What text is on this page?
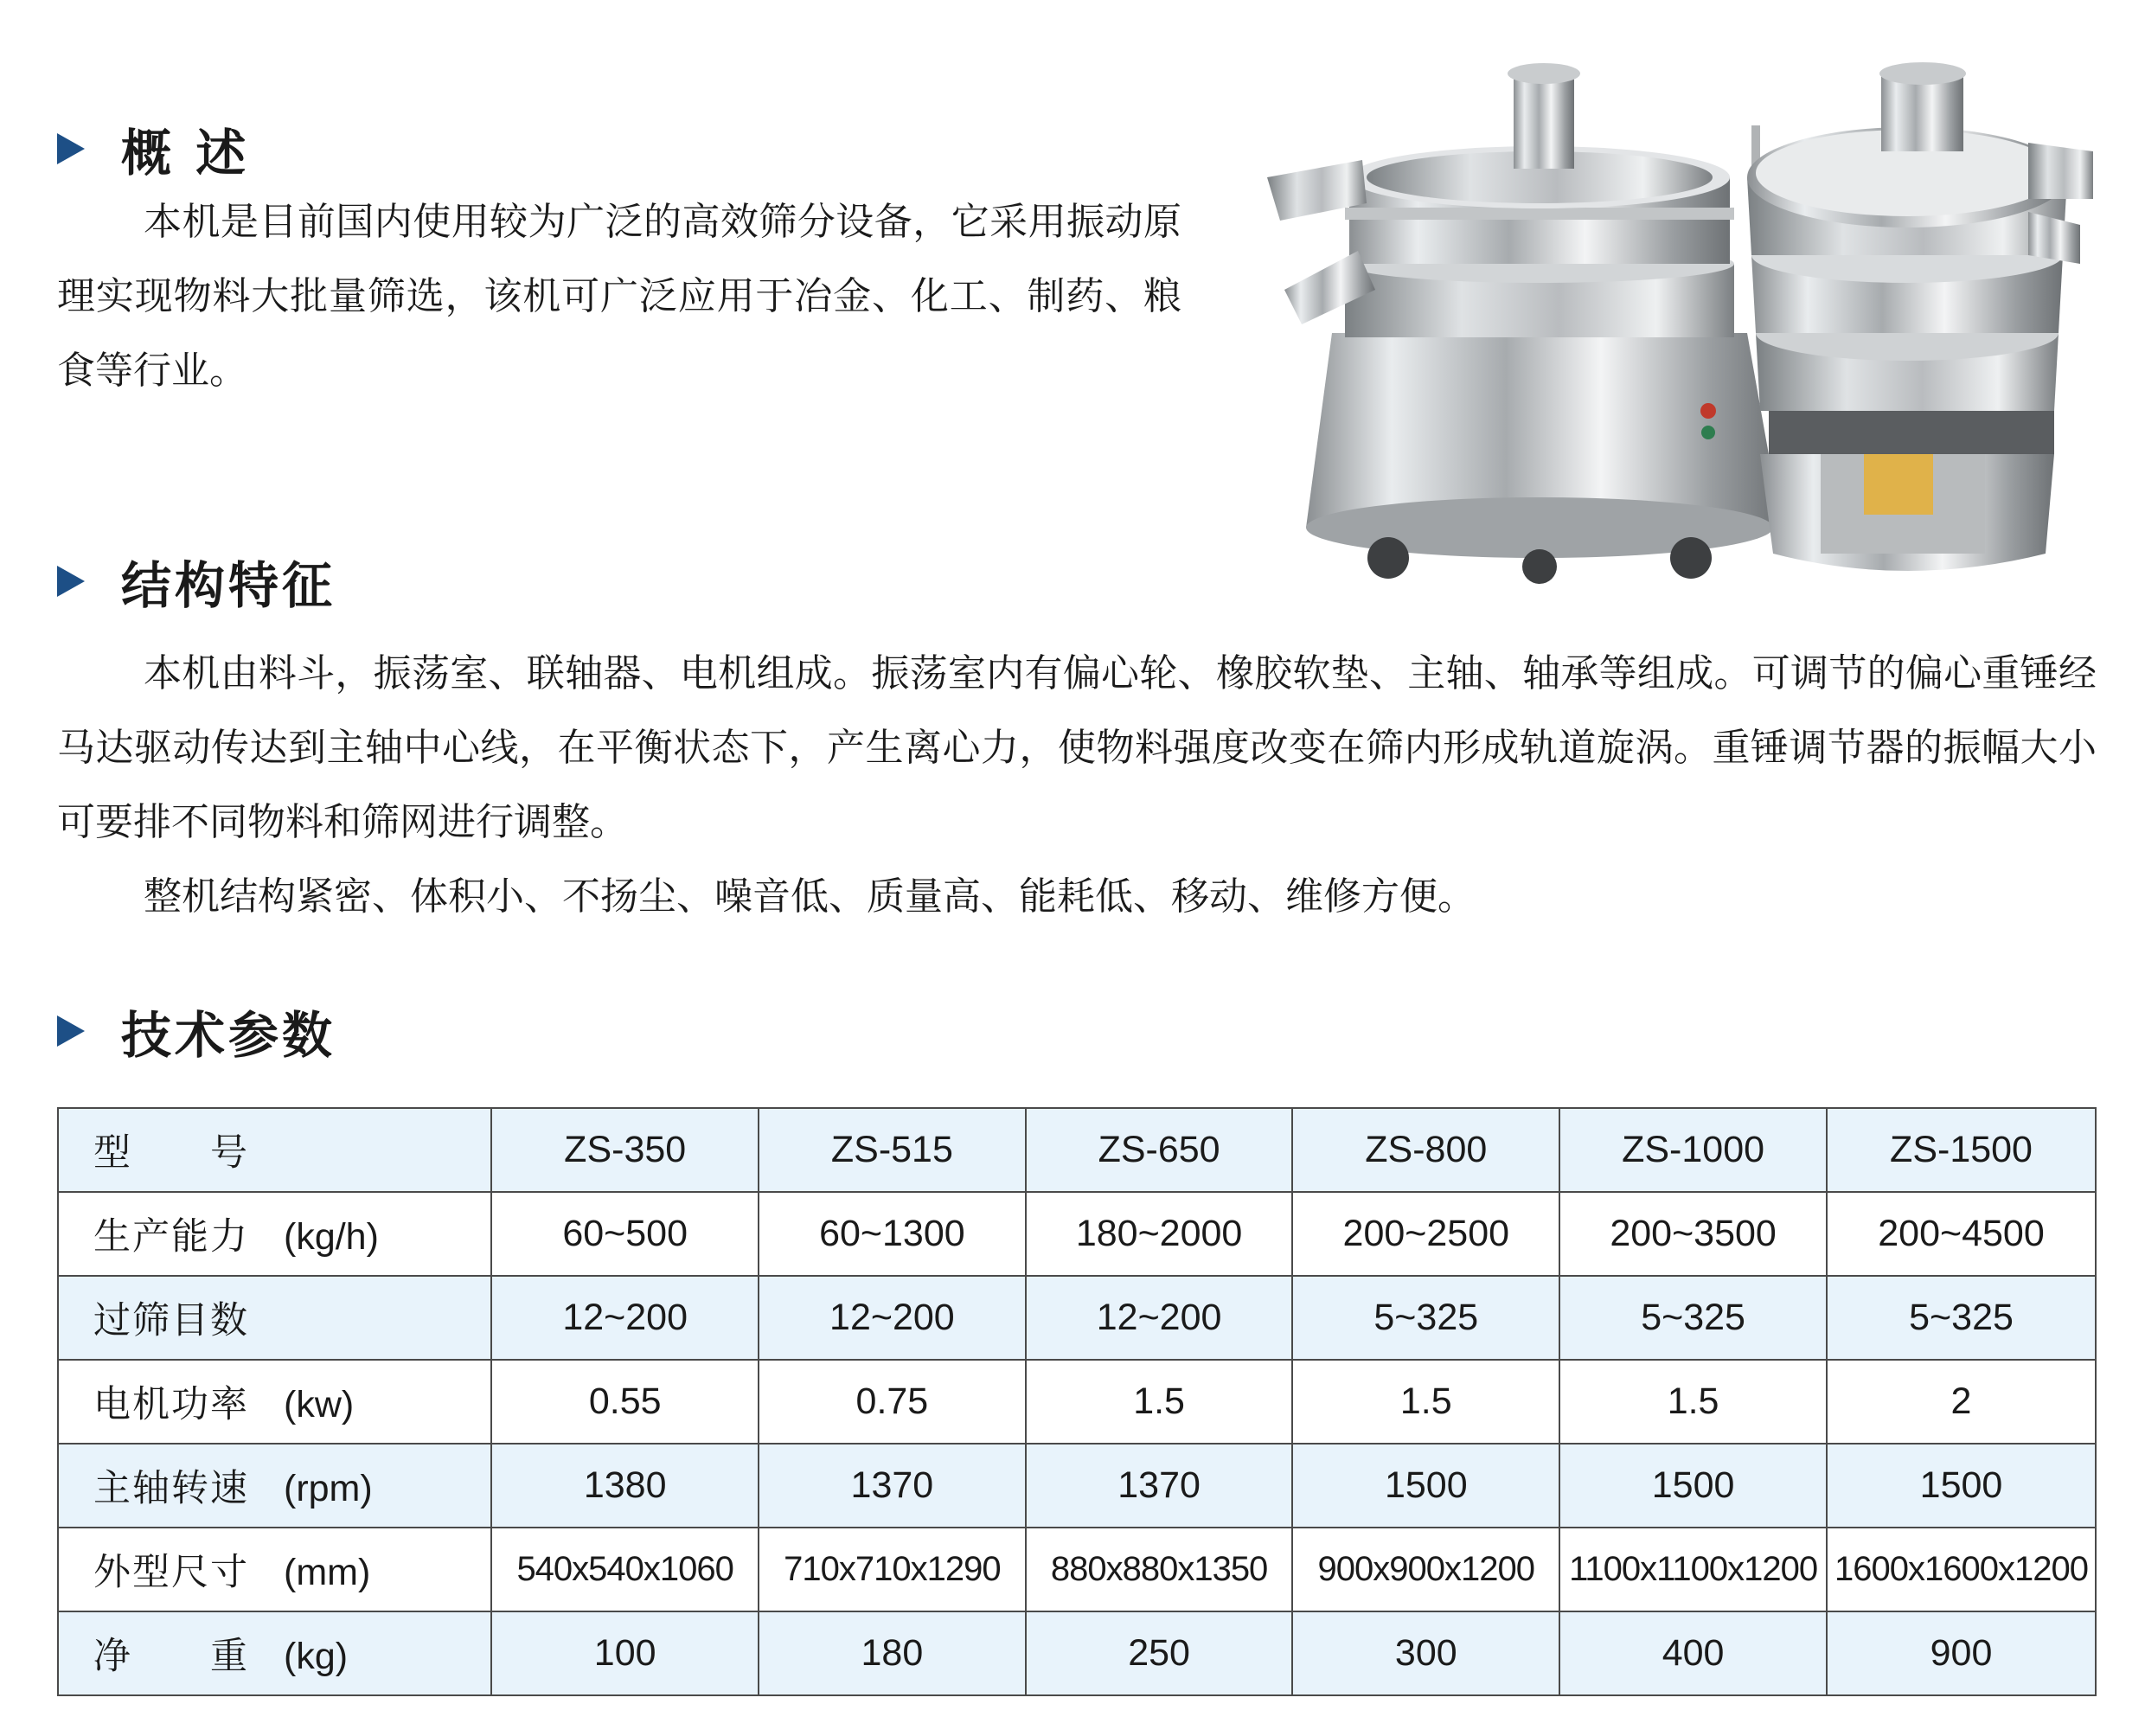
概 述

本机是目前国内使用较为广泛的高效筛分设备，它采用振动原理实现物料大批量筛选，该机可广泛应用于冶金、化工、制药、粮食等行业。

结构特征

本机由料斗，振荡室、联轴器、电机组成。振荡室内有偏心轮、橡胶软垫、主轴、轴承等组成。可调节的偏心重锤经马达驱动传达到主轴中心线，在平衡状态下，产生离心力，使物料强度改变在筛内形成轨道旋涡。重锤调节器的振幅大小可要排不同物料和筛网进行调整。

整机结构紧密、体积小、不扬尘、噪音低、质量高、能耗低、移动、维修方便。

技术参数
型　　号	ZS-350	ZS-515	ZS-650	ZS-800	ZS-1000	ZS-1500
生产能力 (kg/h)	60~500	60~1300	180~2000	200~2500	200~3500	200~4500
过筛目数	12~200	12~200	12~200	5~325	5~325	5~325
电机功率 (kw)	0.55	0.75	1.5	1.5	1.5	2
主轴转速 (rpm)	1380	1370	1370	1500	1500	1500
外型尺寸 (mm)	540x540x1060	710x710x1290	880x880x1350	900x900x1200	1100x1100x1200	1600x1600x1200
净　　重 (kg)	100	180	250	300	400	900
